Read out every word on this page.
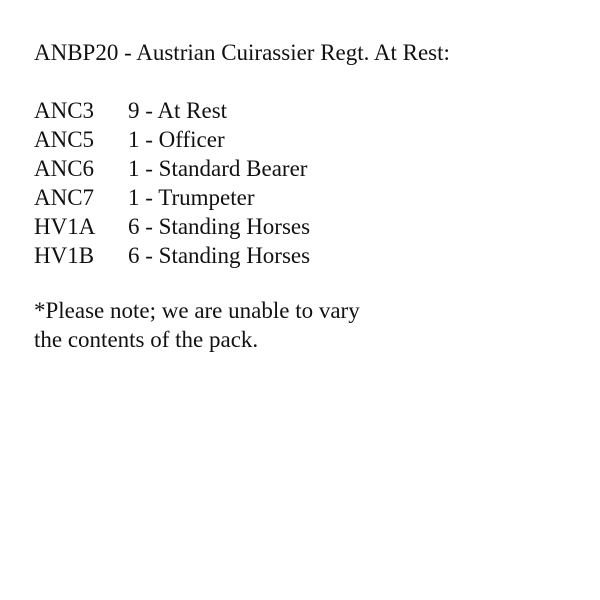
ANBP20 - Austrian Cuirassier Regt. At Rest:
ANC3	9 - At Rest
ANC5	1 - Officer
ANC6	1 - Standard Bearer
ANC7	1 - Trumpeter
HV1A	6 - Standing Horses
HV1B	6 - Standing Horses
*Please note; we are unable to vary
the contents of the pack.
